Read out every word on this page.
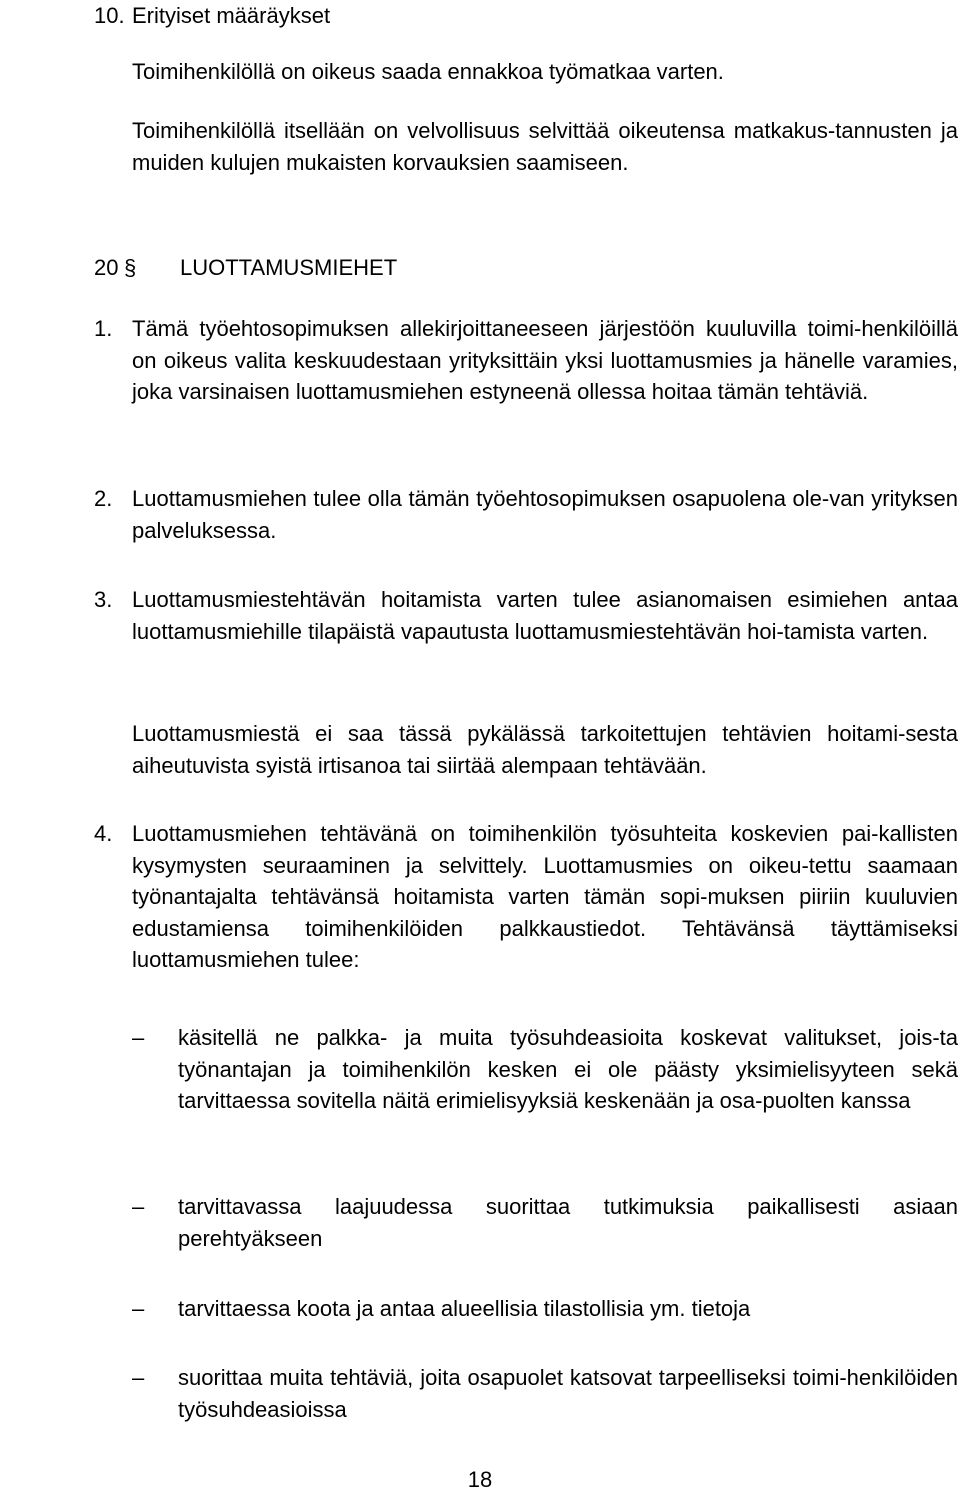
10. Erityiset määräykset

Toimihenkilöllä on oikeus saada ennakkoa työmatkaa varten.

Toimihenkilöllä itsellään on velvollisuus selvittää oikeutensa matkakus-tannusten ja muiden kulujen mukaisten korvauksien saamiseen.

20 § LUOTTAMUSMIEHET
1. Tämä työehtosopimuksen allekirjoittaneeseen järjestöön kuuluvilla toimi-henkilöillä on oikeus valita keskuudestaan yrityksittäin yksi luottamusmies ja hänelle varamies, joka varsinaisen luottamusmiehen estyneenä ollessa hoitaa tämän tehtäviä.
2. Luottamusmiehen tulee olla tämän työehtosopimuksen osapuolena ole-van yrityksen palveluksessa.
3. Luottamusmiestehtävän hoitamista varten tulee asianomaisen esimiehen antaa luottamusmiehille tilapäistä vapautusta luottamusmiestehtävän hoi-tamista varten.

Luottamusmiestä ei saa tässä pykälässä tarkoitettujen tehtävien hoitami-sesta aiheutuvista syistä irtisanoa tai siirtää alempaan tehtävään.

4. Luottamusmiehen tehtävänä on toimihenkilön työsuhteita koskevien pai-kallisten kysymysten seuraaminen ja selvittely. Luottamusmies on oikeu-tettu saamaan työnantajalta tehtävänsä hoitamista varten tämän sopi-muksen piiriin kuuluvien edustamiensa toimihenkilöiden palkkaustiedot. Tehtävänsä täyttämiseksi luottamusmiehen tulee:
– käsitellä ne palkka- ja muita työsuhdeasioita koskevat valitukset, jois-ta työnantajan ja toimihenkilön kesken ei ole päästy yksimielisyyteen sekä tarvittaessa sovitella näitä erimielisyyksiä keskenään ja osa-puolten kanssa
– tarvittavassa laajuudessa suorittaa tutkimuksia paikallisesti asiaan perehtyäkseen
– tarvittaessa koota ja antaa alueellisia tilastollisia ym. tietoja
– suorittaa muita tehtäviä, joita osapuolet katsovat tarpeelliseksi toimi-henkilöiden työsuhdeasioissa

18
